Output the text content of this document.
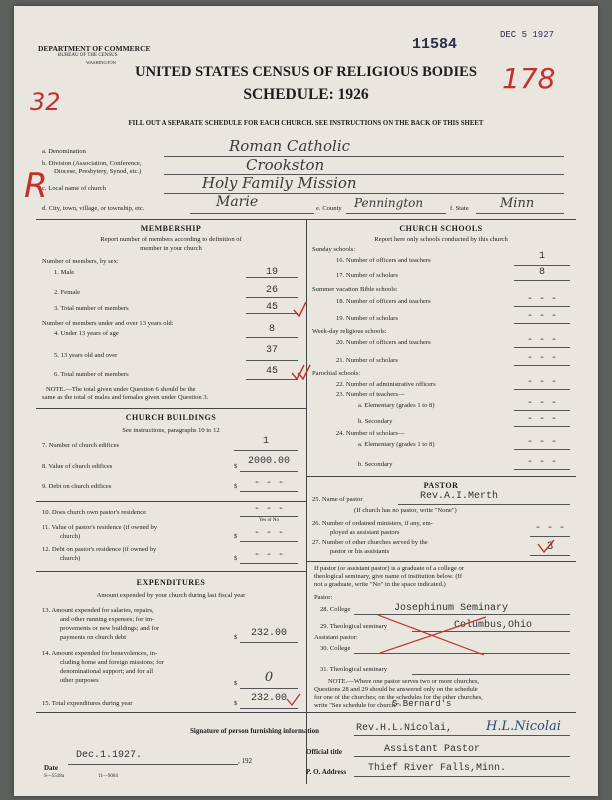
DEPARTMENT OF COMMERCE
BUREAU OF THE CENSUS
WASHINGTON
11584
DEC 5 1927
32
178
UNITED STATES CENSUS OF RELIGIOUS BODIES
SCHEDULE: 1926
FILL OUT A SEPARATE SCHEDULE FOR EACH CHURCH. SEE INSTRUCTIONS ON THE BACK OF THIS SHEET
R
a. Denomination	Roman Catholic
b. Division (Association, Conference,
Diocese, Presbytery, Synod, etc.)	Crookston
c. Local name of church	Holy Family Mission
d. City, town, village, or township, etc.	Marie	e. County Pennington	f. State Minn
MEMBERSHIP
Report number of members according to definition of
member in your church
Number of members, by sex:
1. Male	19
2. Female	26
3. Total number of members	45
Number of members under and over 13 years old:
4. Under 13 years of age	8
5. 13 years old and over	37
6. Total number of members	45
NOTE.—The total given under Question 6 should be the
same as the total of males and females given under Question 3.
CHURCH BUILDINGS
See instructions, paragraphs 10 to 12
7. Number of church edifices	1
8. Value of church edifices	$	2000.00
9. Debt on church edifices	$	- - -
10. Does church own pastor's residence	- - -
Yes or No
11. Value of pastor's residence (if owned by
church)	$	- - -
12. Debt on pastor's residence (if owned by
church)	$	- - -
EXPENDITURES
Amount expended by your church during last fiscal year
13. Amount expended for salaries, repairs,
and other running expenses; for im-
provements or new buildings; and for
payments on church debt	$	232.00
14. Amount expended for benevolences, in-
cluding home and foreign missions; for
denominational support; and for all
other purposes	$	0
15. Total expenditures during year	$	232.00
CHURCH SCHOOLS
Report here only schools conducted by this church
Sunday schools:
16. Number of officers and teachers	1
17. Number of scholars	8
Summer vacation Bible schools:
18. Number of officers and teachers	- - -
19. Number of scholars	- - -
Week-day religious schools:
20. Number of officers and teachers	- - -
21. Number of scholars	- - -
Parochial schools:
22. Number of administrative officers	- - -
23. Number of teachers—
a. Elementary (grades 1 to 8)	- - -
b. Secondary	- - -
24. Number of scholars—
a. Elementary (grades 1 to 8)	- - -
b. Secondary	- - -
PASTOR
25. Name of pastor	Rev.A.I.Merth
(If church has no pastor, write "None")
26. Number of ordained ministers, if any, em-
ployed as assistant pastors	- - -
27. Number of other churches served by the
pastor or his assistants	3
If pastor (or assistant pastor) is a graduate of a college or
theological seminary, give name of institution below. (If
not a graduate, write "No" in the space indicated.)
Pastor:
28. College	Josephinum Seminary
29. Theological seminary	Columbus,Ohio
Assistant pastor:
30. College
31. Theological seminary
NOTE.—Where one pastor serves two or more churches,
Questions 28 and 29 should be answered only on the schedule
for one of the churches; on the schedules for the other churches,
write "See schedule for church."
S.Bernard's
Signature of person furnishing information	Rev.H.L.Nicolai,	H.L.Nicolai
Official title	Assistant Pastor
Date
Dec.1.1927.	, 192
P. O. Address Thief River Falls,Minn.
S—5518a	11—9064
